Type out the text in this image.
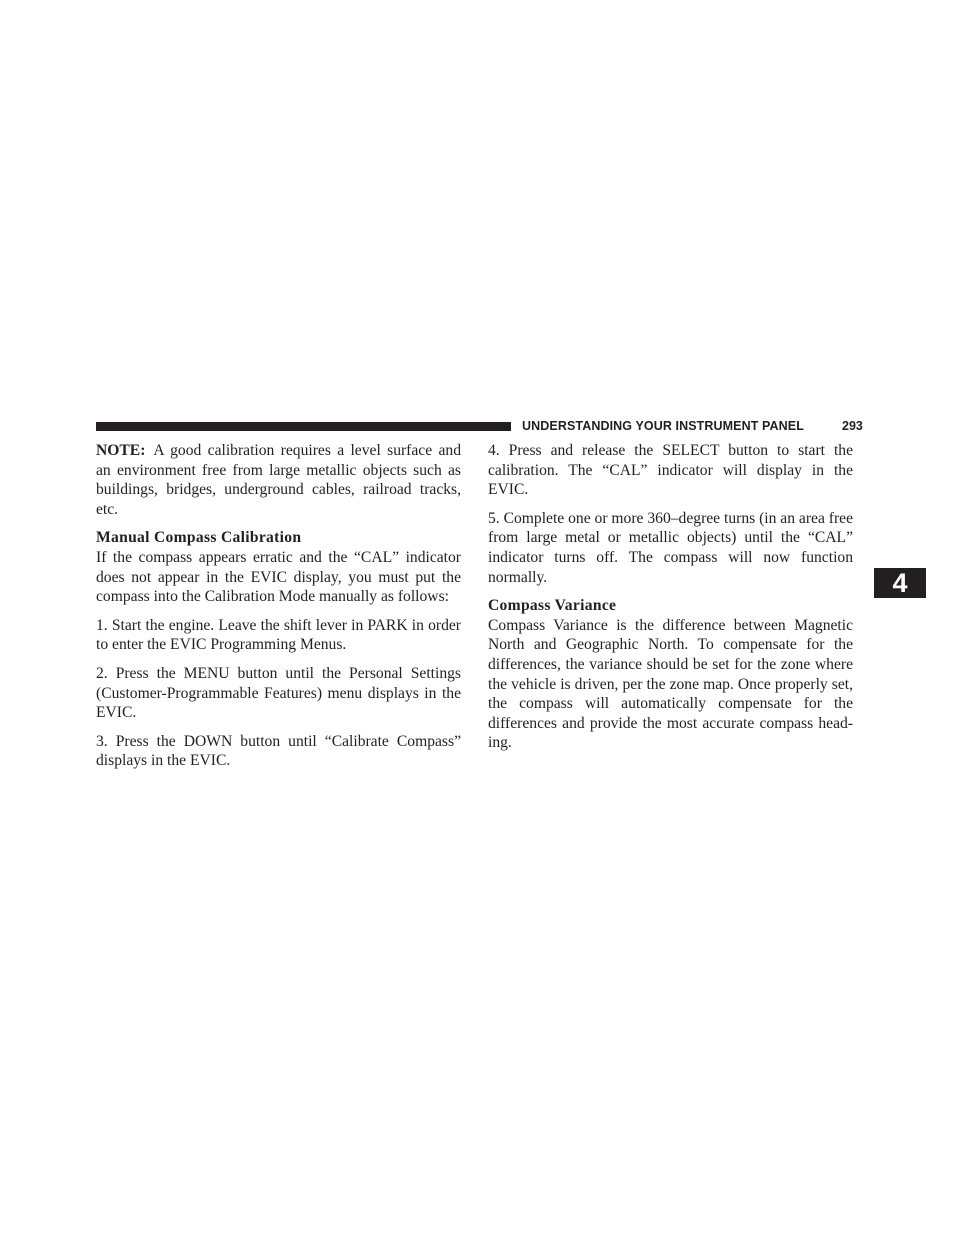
UNDERSTANDING YOUR INSTRUMENT PANEL	293
4

NOTE: A good calibration requires a level surface and an environment free from large metallic objects such as buildings, bridges, underground cables, railroad tracks, etc.

Manual Compass Calibration

If the compass appears erratic and the “CAL” indicator does not appear in the EVIC display, you must put the compass into the Calibration Mode manually as follows:

1. Start the engine. Leave the shift lever in PARK in order to enter the EVIC Programming Menus.

2. Press the MENU button until the Personal Settings (Customer-Programmable Features) menu displays in the EVIC.

3. Press the DOWN button until “Calibrate Compass” displays in the EVIC.

4. Press and release the SELECT button to start the calibration. The “CAL” indicator will display in the EVIC.

5. Complete one or more 360–degree turns (in an area free from large metal or metallic objects) until the “CAL” indicator turns off. The compass will now function normally.

Compass Variance

Compass Variance is the difference between Magnetic North and Geographic North. To compensate for the differences, the variance should be set for the zone where the vehicle is driven, per the zone map. Once properly set, the compass will automatically compensate for the differences and provide the most accurate compass head-ing.
